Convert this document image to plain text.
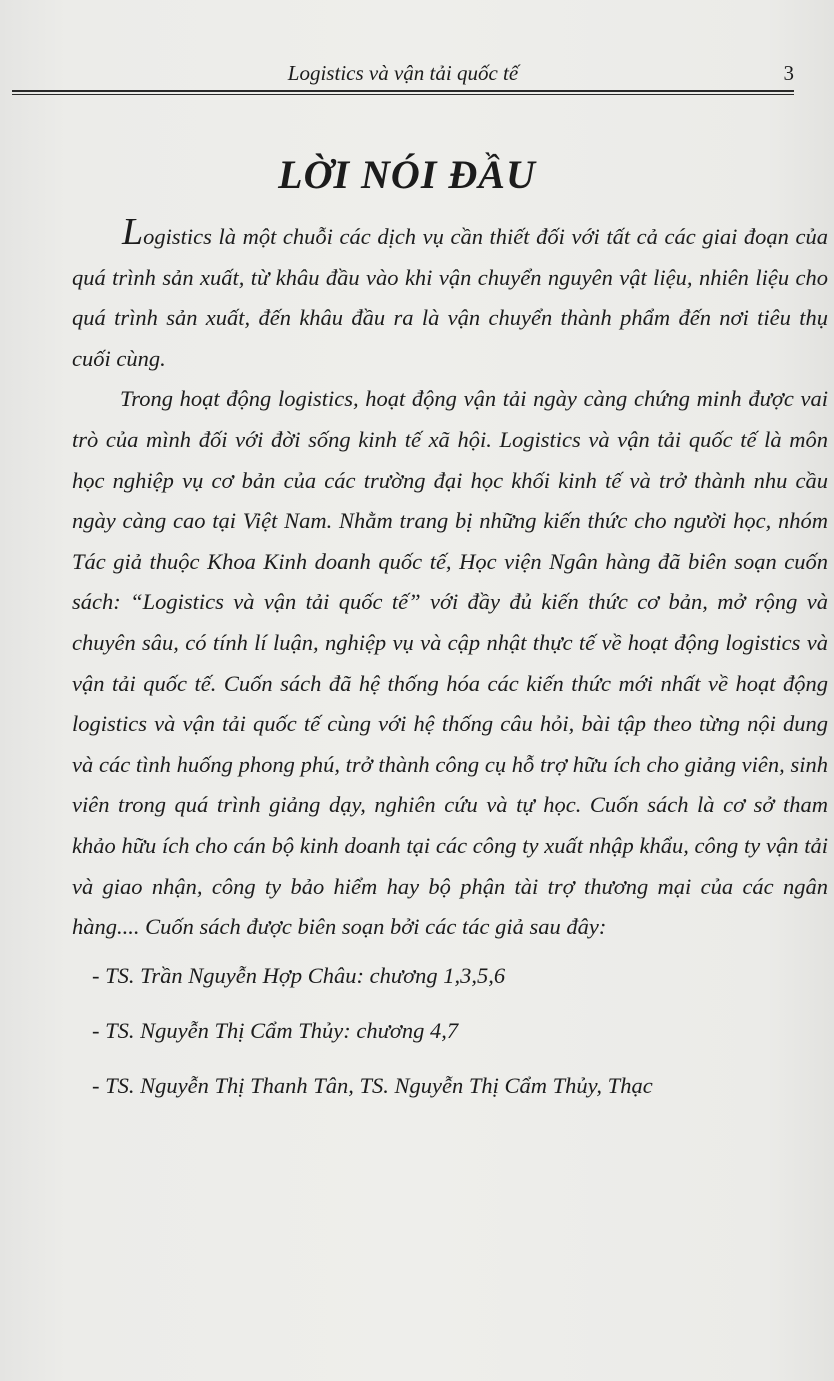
Logistics và vận tải quốc tế	3
LỜI NÓI ĐẦU

Logistics là một chuỗi các dịch vụ cần thiết đối với tất cả các giai đoạn của quá trình sản xuất, từ khâu đầu vào khi vận chuyển nguyên vật liệu, nhiên liệu cho quá trình sản xuất, đến khâu đầu ra là vận chuyển thành phẩm đến nơi tiêu thụ cuối cùng.

Trong hoạt động logistics, hoạt động vận tải ngày càng chứng minh được vai trò của mình đối với đời sống kinh tế xã hội. Logistics và vận tải quốc tế là môn học nghiệp vụ cơ bản của các trường đại học khối kinh tế và trở thành nhu cầu ngày càng cao tại Việt Nam. Nhằm trang bị những kiến thức cho người học, nhóm Tác giả thuộc Khoa Kinh doanh quốc tế, Học viện Ngân hàng đã biên soạn cuốn sách: “Logistics và vận tải quốc tế” với đầy đủ kiến thức cơ bản, mở rộng và chuyên sâu, có tính lí luận, nghiệp vụ và cập nhật thực tế về hoạt động logistics và vận tải quốc tế. Cuốn sách đã hệ thống hóa các kiến thức mới nhất về hoạt động logistics và vận tải quốc tế cùng với hệ thống câu hỏi, bài tập theo từng nội dung và các tình huống phong phú, trở thành công cụ hỗ trợ hữu ích cho giảng viên, sinh viên trong quá trình giảng dạy, nghiên cứu và tự học. Cuốn sách là cơ sở tham khảo hữu ích cho cán bộ kinh doanh tại các công ty xuất nhập khẩu, công ty vận tải và giao nhận, công ty bảo hiểm hay bộ phận tài trợ thương mại của các ngân hàng.... Cuốn sách được biên soạn bởi các tác giả sau đây:

- TS. Trần Nguyễn Hợp Châu: chương 1,3,5,6
- TS. Nguyễn Thị Cẩm Thủy: chương 4,7
- TS. Nguyễn Thị Thanh Tân, TS. Nguyễn Thị Cẩm Thủy, Thạc
